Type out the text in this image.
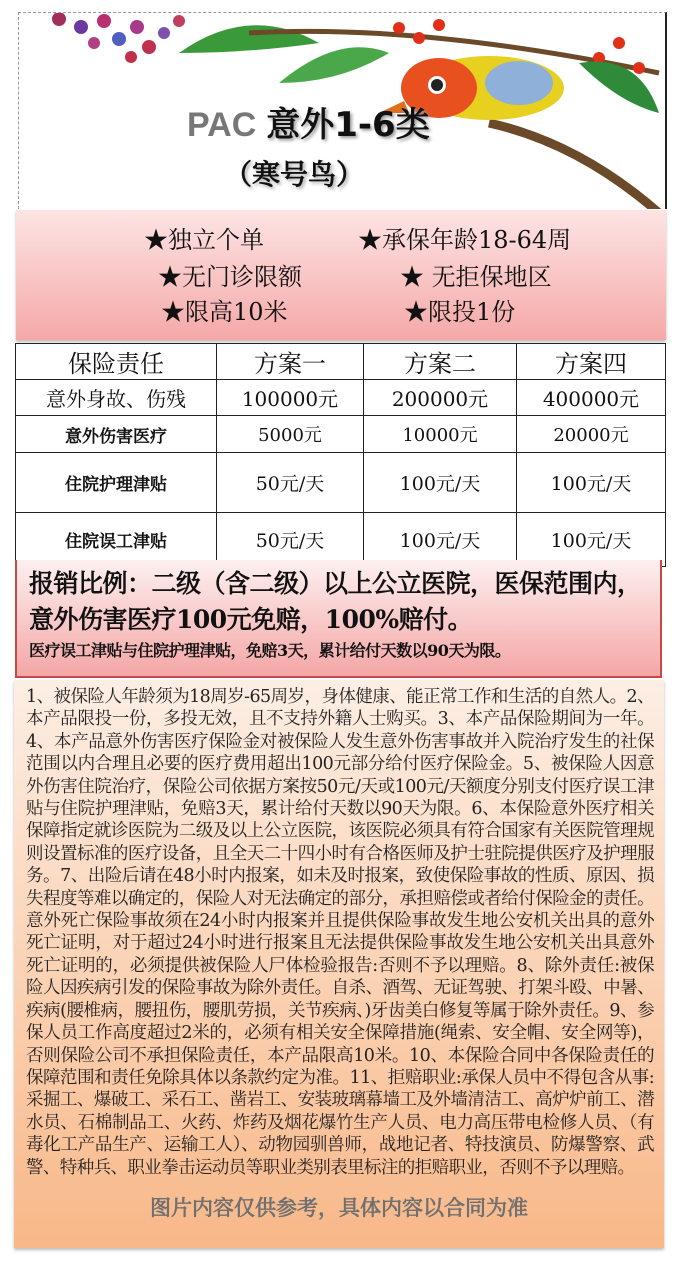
PAC 意外1-6类
（寒号鸟）
★独立个单	★承保年龄18-64周
★无门诊限额	★ 无拒保地区
★限高10米	★限投1份
保险责任	方案一	方案二	方案四
意外身故、伤残	100000元	200000元	400000元
意外伤害医疗	5000元	10000元	20000元
住院护理津贴	50元/天	100元/天	100元/天
住院误工津贴	50元/天	100元/天	100元/天
报销比例：二级（含二级）以上公立医院，医保范围内，意外伤害医疗100元免赔，100%赔付。
医疗误工津贴与住院护理津贴，免赔3天，累计给付天数以90天为限。

1、被保险人年龄须为18周岁-65周岁，身体健康、能正常工作和生活的自然人。2、本产品限投一份，多投无效，且不支持外籍人士购买。3、本产品保险期间为一年。4、本产品意外伤害医疗保险金对被保险人发生意外伤害事故并入院治疗发生的社保范围以内合理且必要的医疗费用超出100元部分给付医疗保险金。5、被保险人因意外伤害住院治疗，保险公司依据方案按50元/天或100元/天额度分别支付医疗误工津贴与住院护理津贴，免赔3天，累计给付天数以90天为限。6、本保险意外医疗相关保障指定就诊医院为二级及以上公立医院，该医院必须具有符合国家有关医院管理规则设置标准的医疗设备，且全天二十四小时有合格医师及护士驻院提供医疗及护理服务。7、出险后请在48小时内报案，如未及时报案，致使保险事故的性质、原因、损失程度等难以确定的，保险人对无法确定的部分，承担赔偿或者给付保险金的责任。意外死亡保险事故须在24小时内报案并且提供保险事故发生地公安机关出具的意外死亡证明，对于超过24小时进行报案且无法提供保险事故发生地公安机关出具意外死亡证明的，必须提供被保险人尸体检验报告:否则不予以理赔。8、除外责任:被保险人因疾病引发的保险事故为除外责任。自杀、酒驾、无证驾驶、打架斗殴、中暑、疾病(腰椎病，腰扭伤，腰肌劳损，关节疾病、)牙齿美白修复等属于除外责任。9、参保人员工作高度超过2米的，必须有相关安全保障措施(绳索、安全帽、安全网等)，否则保险公司不承担保险责任，本产品限高10米。10、本保险合同中各保险责任的保障范围和责任免除具体以条款约定为准。11、拒赔职业:承保人员中不得包含从事:采掘工、爆破工、采石工、凿岩工、安装玻璃幕墙工及外墙清洁工、高炉炉前工、潜水员、石棉制品工、火药、炸药及烟花爆竹生产人员、电力高压带电检修人员、（有毒化工产品生产、运输工人）、动物园驯兽师，战地记者、特技演员、防爆警察、武警、特种兵、职业拳击运动员等职业类别表里标注的拒赔职业，否则不予以理赔。

图片内容仅供参考，具体内容以合同为准
